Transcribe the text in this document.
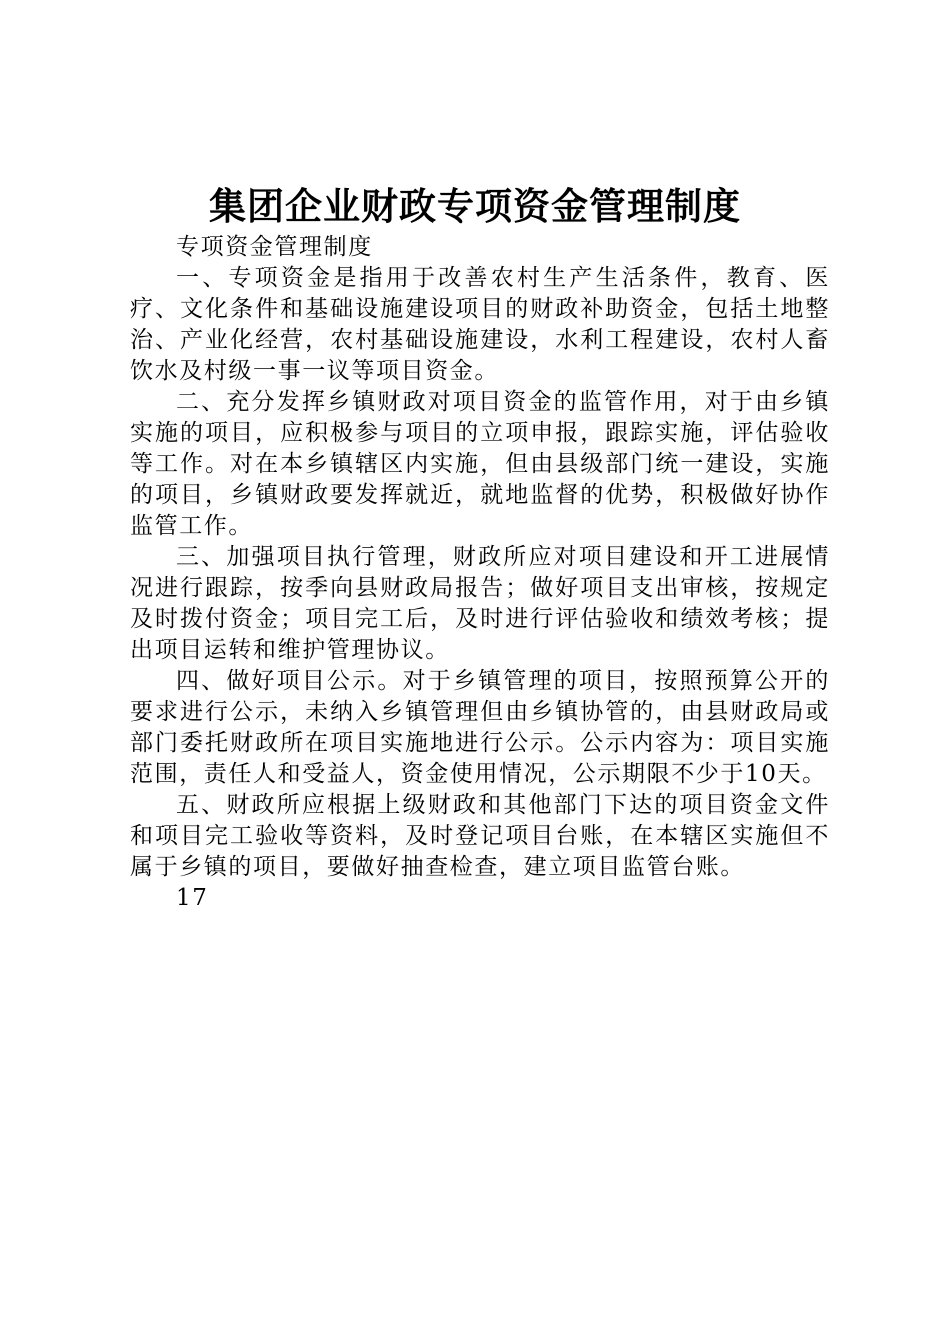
集团企业财政专项资金管理制度

专项资金管理制度

一、专项资金是指用于改善农村生产生活条件，教育、医疗、文化条件和基础设施建设项目的财政补助资金，包括土地整治、产业化经营，农村基础设施建设，水利工程建设，农村人畜饮水及村级一事一议等项目资金。

二、充分发挥乡镇财政对项目资金的监管作用，对于由乡镇实施的项目，应积极参与项目的立项申报，跟踪实施，评估验收等工作。对在本乡镇辖区内实施，但由县级部门统一建设，实施的项目，乡镇财政要发挥就近，就地监督的优势，积极做好协作监管工作。

三、加强项目执行管理，财政所应对项目建设和开工进展情况进行跟踪，按季向县财政局报告；做好项目支出审核，按规定及时拨付资金；项目完工后，及时进行评估验收和绩效考核；提出项目运转和维护管理协议。

四、做好项目公示。对于乡镇管理的项目，按照预算公开的要求进行公示，未纳入乡镇管理但由乡镇协管的，由县财政局或部门委托财政所在项目实施地进行公示。公示内容为：项目实施范围，责任人和受益人，资金使用情况，公示期限不少于10天。

五、财政所应根据上级财政和其他部门下达的项目资金文件和项目完工验收等资料，及时登记项目台账，在本辖区实施但不属于乡镇的项目，要做好抽查检查，建立项目监管台账。

17
